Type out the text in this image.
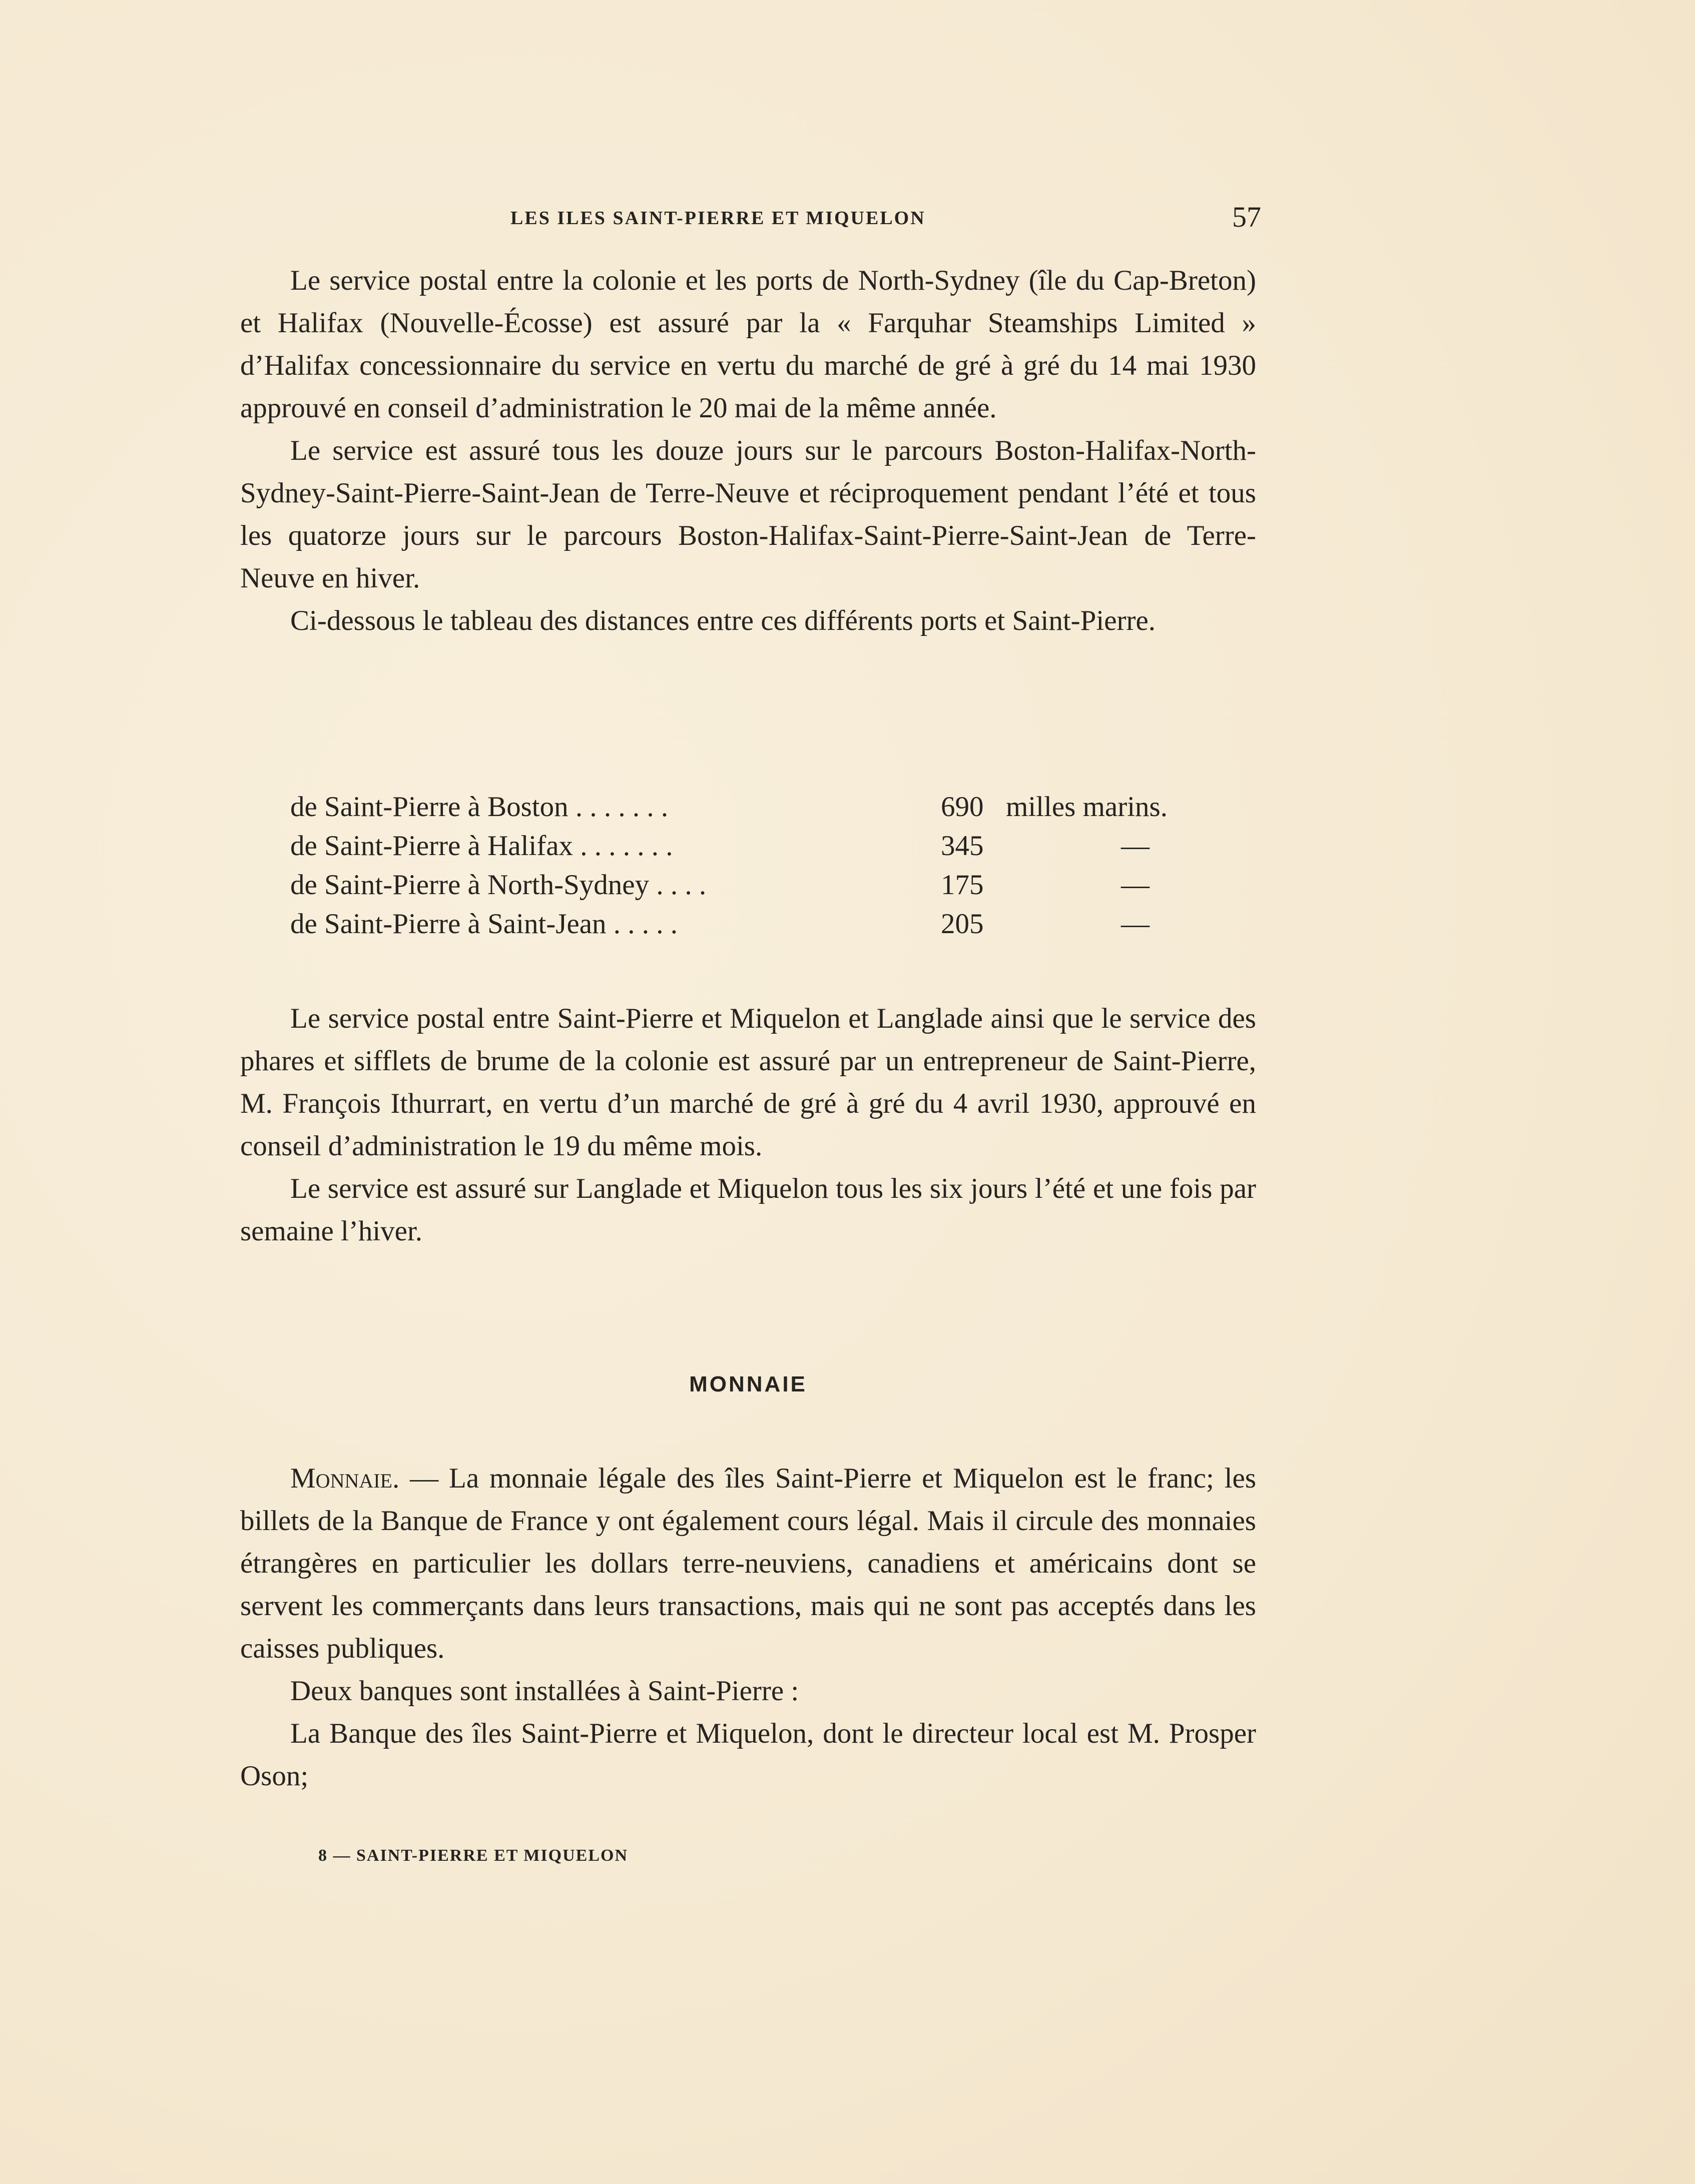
LES ILES SAINT-PIERRE ET MIQUELON	57

Le service postal entre la colonie et les ports de North-Sydney (île du Cap-Breton) et Halifax (Nouvelle-Écosse) est assuré par la « Farquhar Steamships Limited » d’Halifax concessionnaire du service en vertu du marché de gré à gré du 14 mai 1930 approuvé en conseil d’administration le 20 mai de la même année.

Le service est assuré tous les douze jours sur le parcours Boston-Halifax-North-Sydney-Saint-Pierre-Saint-Jean de Terre-Neuve et réciproquement pendant l’été et tous les quatorze jours sur le parcours Boston-Halifax-Saint-Pierre-Saint-Jean de Terre-Neuve en hiver.

Ci-dessous le tableau des distances entre ces différents ports et Saint-Pierre.

de Saint-Pierre à Boston . . . . . . .	690 milles marins.
de Saint-Pierre à Halifax . . . . . . .	345	—
de Saint-Pierre à North-Sydney . . . .	175	—
de Saint-Pierre à Saint-Jean . . . . .	205	—

Le service postal entre Saint-Pierre et Miquelon et Langlade ainsi que le service des phares et sifflets de brume de la colonie est assuré par un entrepreneur de Saint-Pierre, M. François Ithurrart, en vertu d’un marché de gré à gré du 4 avril 1930, approuvé en conseil d’administration le 19 du même mois.

Le service est assuré sur Langlade et Miquelon tous les six jours l’été et une fois par semaine l’hiver.

MONNAIE

Monnaie. — La monnaie légale des îles Saint-Pierre et Miquelon est le franc; les billets de la Banque de France y ont également cours légal. Mais il circule des monnaies étrangères en particulier les dollars terre-neuviens, canadiens et américains dont se servent les commerçants dans leurs transactions, mais qui ne sont pas acceptés dans les caisses publiques.

Deux banques sont installées à Saint-Pierre :

La Banque des îles Saint-Pierre et Miquelon, dont le directeur local est M. Prosper Oson;

8 — SAINT-PIERRE ET MIQUELON
